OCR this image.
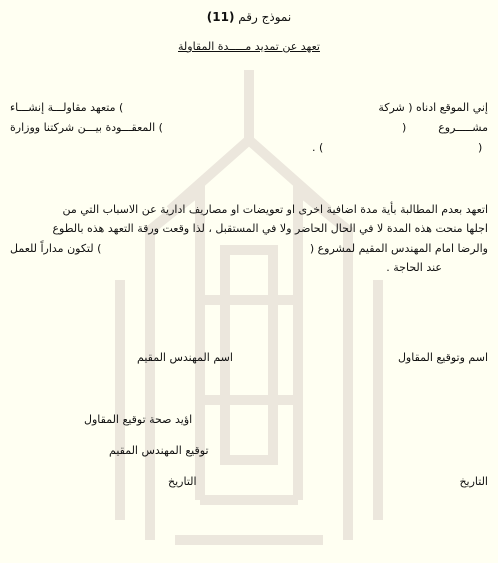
نموذج رقم (11)
تعهد عن تمديد مـــــدة المقاولة
إني الموقع ادناه ( شركة
) متعهد مقاولـــة إنشـــاء
مشـــــروع
(
) المعقـــودة بيـــن شركتنا ووزارة
(
) .
اتعهد بعدم المطالبة بأية مدة اضافية اخرى او تعويضات او مصاريف ادارية عن الاسباب التي من
اجلها منحت هذه المدة لا في الحال الحاضر ولا في المستقبل ، لذا وقعت ورقة التعهد هذه بالطوع
والرضا امام المهندس المقيم لمشروع (
) لتكون مداراً للعمل
عند الحاجة .
اسم وتوقيع المقاول
اسم المهندس المقيم
اؤيد صحة توقيع المقاول
توقيع المهندس المقيم
التاريخ
التاريخ
